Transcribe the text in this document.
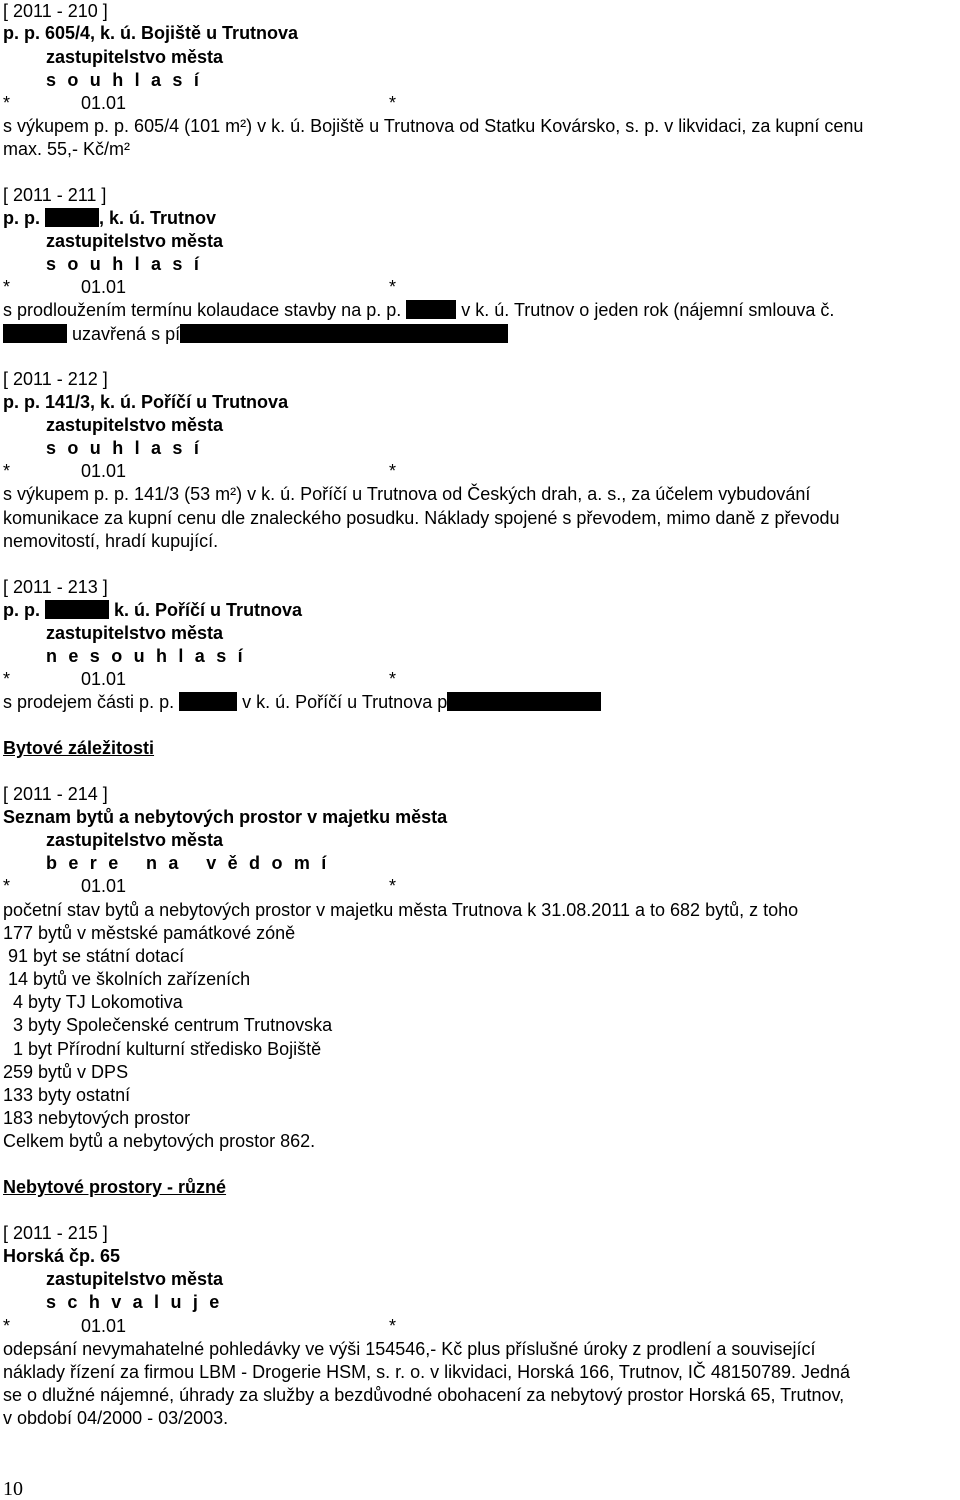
[ 2011 - 210 ]
p. p. 605/4, k. ú. Bojiště u Trutnova
zastupitelstvo města
s o u h l a s í
*	01.01	*
s výkupem p. p. 605/4 (101 m²) v k. ú. Bojiště u Trutnova od Statku Kovársko, s. p. v likvidaci, za kupní cenu
max. 55,- Kč/m²
[ 2011 - 211 ]
p. p.	, k. ú. Trutnov
zastupitelstvo města
s o u h l a s í
*	01.01	*
s prodloužením termínu kolaudace stavby na p. p.	v k. ú. Trutnov o jeden rok (nájemní smlouva č.
uzavřená s pí
[ 2011 - 212 ]
p. p. 141/3, k. ú. Poříčí u Trutnova
zastupitelstvo města
s o u h l a s í
*	01.01	*
s výkupem p. p. 141/3 (53 m²) v k. ú. Poříčí u Trutnova od Českých drah, a. s., za účelem vybudování
komunikace za kupní cenu dle znaleckého posudku. Náklady spojené s převodem, mimo daně z převodu
nemovitostí, hradí kupující.
[ 2011 - 213 ]
p. p.	k. ú. Poříčí u Trutnova
zastupitelstvo města
n e s o u h l a s í
*	01.01	*
s prodejem části p. p.	v k. ú. Poříčí u Trutnova p
Bytové záležitosti
[ 2011 - 214 ]
Seznam bytů a nebytových prostor v majetku města
zastupitelstvo města
b e r e   n a   v ě d o m í
*	01.01	*
početní stav bytů a nebytových prostor v majetku města Trutnova k 31.08.2011 a to 682 bytů, z toho
177 bytů v městské památkové zóně
91 byt se státní dotací
14 bytů ve školních zařízeních
4 byty TJ Lokomotiva
3 byty Společenské centrum Trutnovska
1 byt Přírodní kulturní středisko Bojiště
259 bytů v DPS
133 byty ostatní
183 nebytových prostor
Celkem bytů a nebytových prostor 862.
Nebytové prostory - různé
[ 2011 - 215 ]
Horská čp. 65
zastupitelstvo města
s c h v a l u j e
*	01.01	*
odepsání nevymahatelné pohledávky ve výši 154546,- Kč plus příslušné úroky z prodlení a související
náklady řízení za firmou LBM - Drogerie HSM, s. r. o. v likvidaci, Horská 166, Trutnov, IČ 48150789. Jedná
se o dlužné nájemné, úhrady za služby a bezdůvodné obohacení za nebytový prostor Horská 65, Trutnov,
v období 04/2000 - 03/2003.
10
